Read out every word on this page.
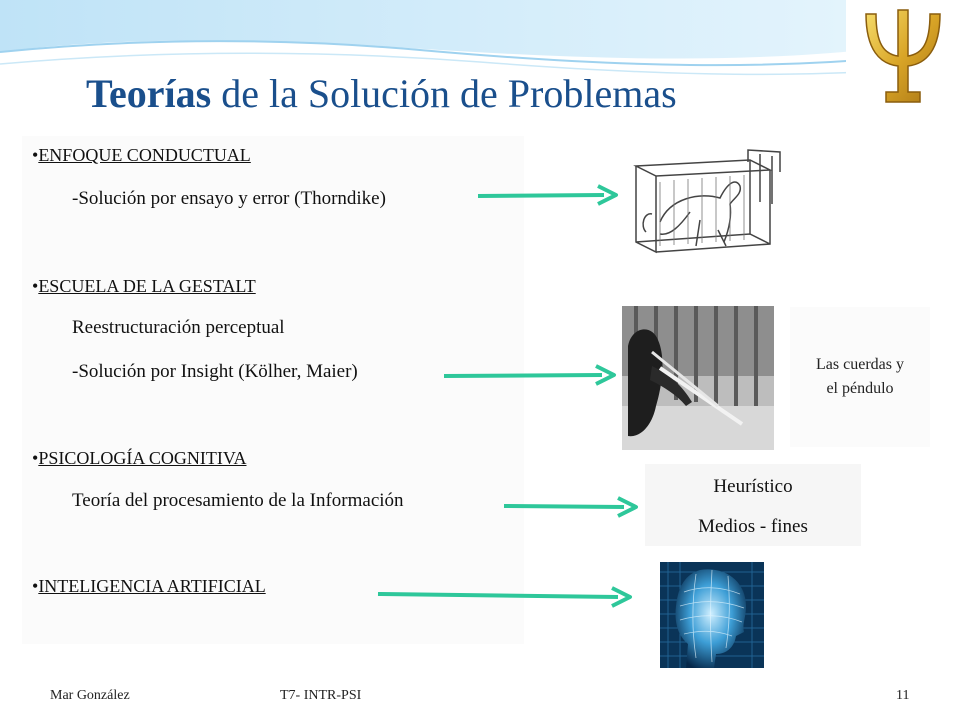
Teorías de la Solución de Problemas
•ENFOQUE CONDUCTUAL
-Solución por ensayo y error (Thorndike)
•ESCUELA DE LA GESTALT
Reestructuración perceptual
-Solución por Insight (Kölher, Maier)
•PSICOLOGÍA COGNITIVA
Teoría del procesamiento de la Información
•INTELIGENCIA ARTIFICIAL
Las cuerdas y
el péndulo
Heurístico
Medios - fines
Mar González	T7- INTR-PSI	11
